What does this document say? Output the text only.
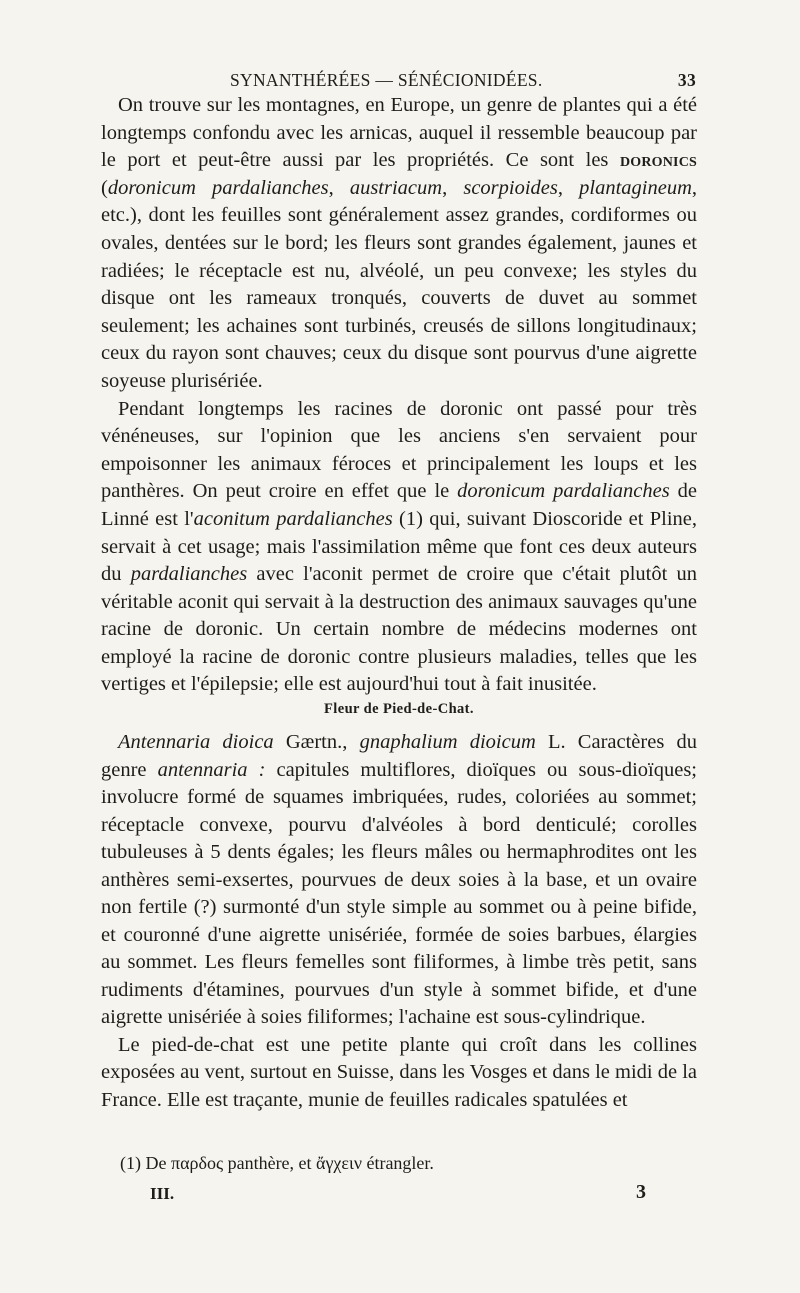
SYNANTHÉRÉES — SÉNÉCIONIDÉES.	33

On trouve sur les montagnes, en Europe, un genre de plantes qui a été longtemps confondu avec les arnicas, auquel il ressemble beaucoup par le port et peut-être aussi par les propriétés. Ce sont les doronics (doronicum pardalianches, austriacum, scorpioides, plantagineum, etc.), dont les feuilles sont généralement assez grandes, cordiformes ou ovales, dentées sur le bord; les fleurs sont grandes également, jaunes et radiées; le réceptacle est nu, alvéolé, un peu convexe; les styles du disque ont les rameaux tronqués, couverts de duvet au sommet seulement; les achaines sont turbinés, creusés de sillons longitudinaux; ceux du rayon sont chauves; ceux du disque sont pourvus d'une aigrette soyeuse plurisériée.

Pendant longtemps les racines de doronic ont passé pour très vénéneuses, sur l'opinion que les anciens s'en servaient pour empoisonner les animaux féroces et principalement les loups et les panthères. On peut croire en effet que le doronicum pardalianches de Linné est l'aconitum pardalianches (1) qui, suivant Dioscoride et Pline, servait à cet usage; mais l'assimilation même que font ces deux auteurs du pardalianches avec l'aconit permet de croire que c'était plutôt un véritable aconit qui servait à la destruction des animaux sauvages qu'une racine de doronic. Un certain nombre de médecins modernes ont employé la racine de doronic contre plusieurs maladies, telles que les vertiges et l'épilepsie; elle est aujourd'hui tout à fait inusitée.

Fleur de Pied-de-Chat.

Antennaria dioica Gærtn., gnaphalium dioicum L. Caractères du genre antennaria : capitules multiflores, dioïques ou sous-dioïques; involucre formé de squames imbriquées, rudes, coloriées au sommet; réceptacle convexe, pourvu d'alvéoles à bord denticulé; corolles tubuleuses à 5 dents égales; les fleurs mâles ou hermaphrodites ont les anthères semi-exsertes, pourvues de deux soies à la base, et un ovaire non fertile (?) surmonté d'un style simple au sommet ou à peine bifide, et couronné d'une aigrette unisériée, formée de soies barbues, élargies au sommet. Les fleurs femelles sont filiformes, à limbe très petit, sans rudiments d'étamines, pourvues d'un style à sommet bifide, et d'une aigrette unisériée à soies filiformes; l'achaine est sous-cylindrique.

Le pied-de-chat est une petite plante qui croît dans les collines exposées au vent, surtout en Suisse, dans les Vosges et dans le midi de la France. Elle est traçante, munie de feuilles radicales spatulées et

(1) De παρδος panthère, et ἄγχειν étrangler.
III.	3
